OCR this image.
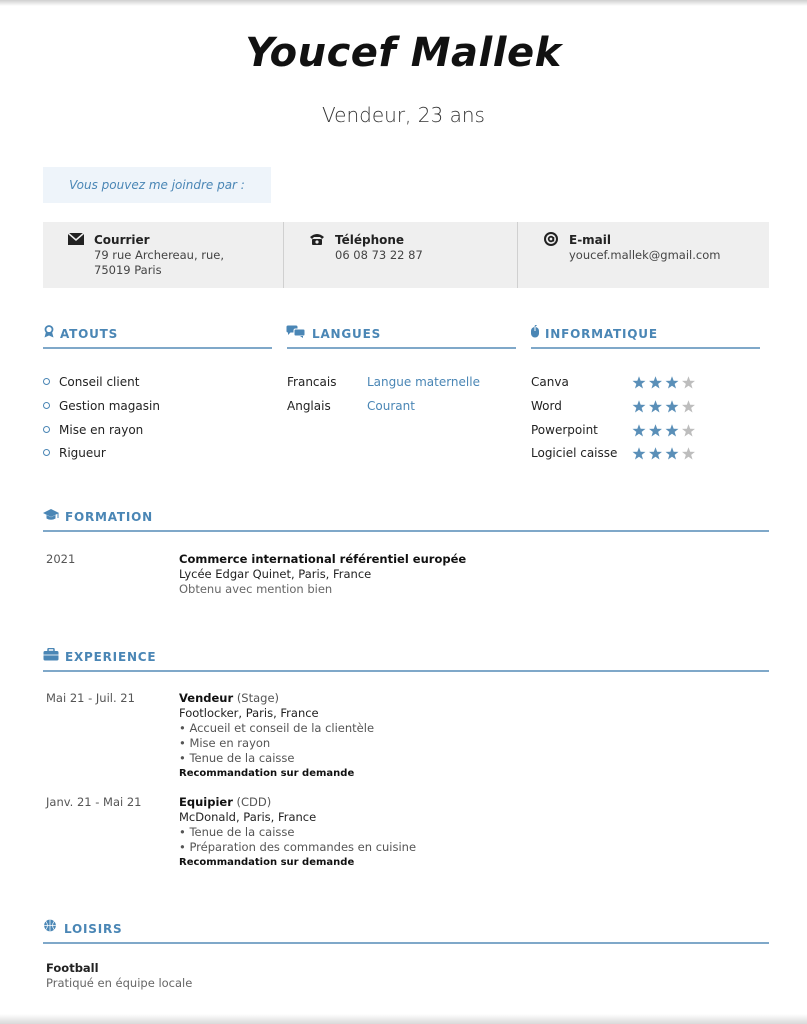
Youcef Mallek
Vendeur, 23 ans
Vous pouvez me joindre par :
Courrier
79 rue Archereau, rue,
75019 Paris
Téléphone
06 08 73 22 87
E-mail
youcef.mallek@gmail.com
ATOUTS
Conseil client
Gestion magasin
Mise en rayon
Rigueur
LANGUES
Francais	Langue maternelle
Anglais	Courant
INFORMATIQUE
Canva
Word
Powerpoint
Logiciel caisse
FORMATION
2021	Commerce international référentiel europée
Lycée Edgar Quinet, Paris, France
Obtenu avec mention bien
EXPERIENCE
Mai 21 - Juil. 21	Vendeur (Stage)
Footlocker, Paris, France
• Accueil et conseil de la clientèle
• Mise en rayon
• Tenue de la caisse
Recommandation sur demande
Janv. 21 - Mai 21	Equipier (CDD)
McDonald, Paris, France
• Tenue de la caisse
• Préparation des commandes en cuisine
Recommandation sur demande
LOISIRS
Football
Pratiqué en équipe locale
